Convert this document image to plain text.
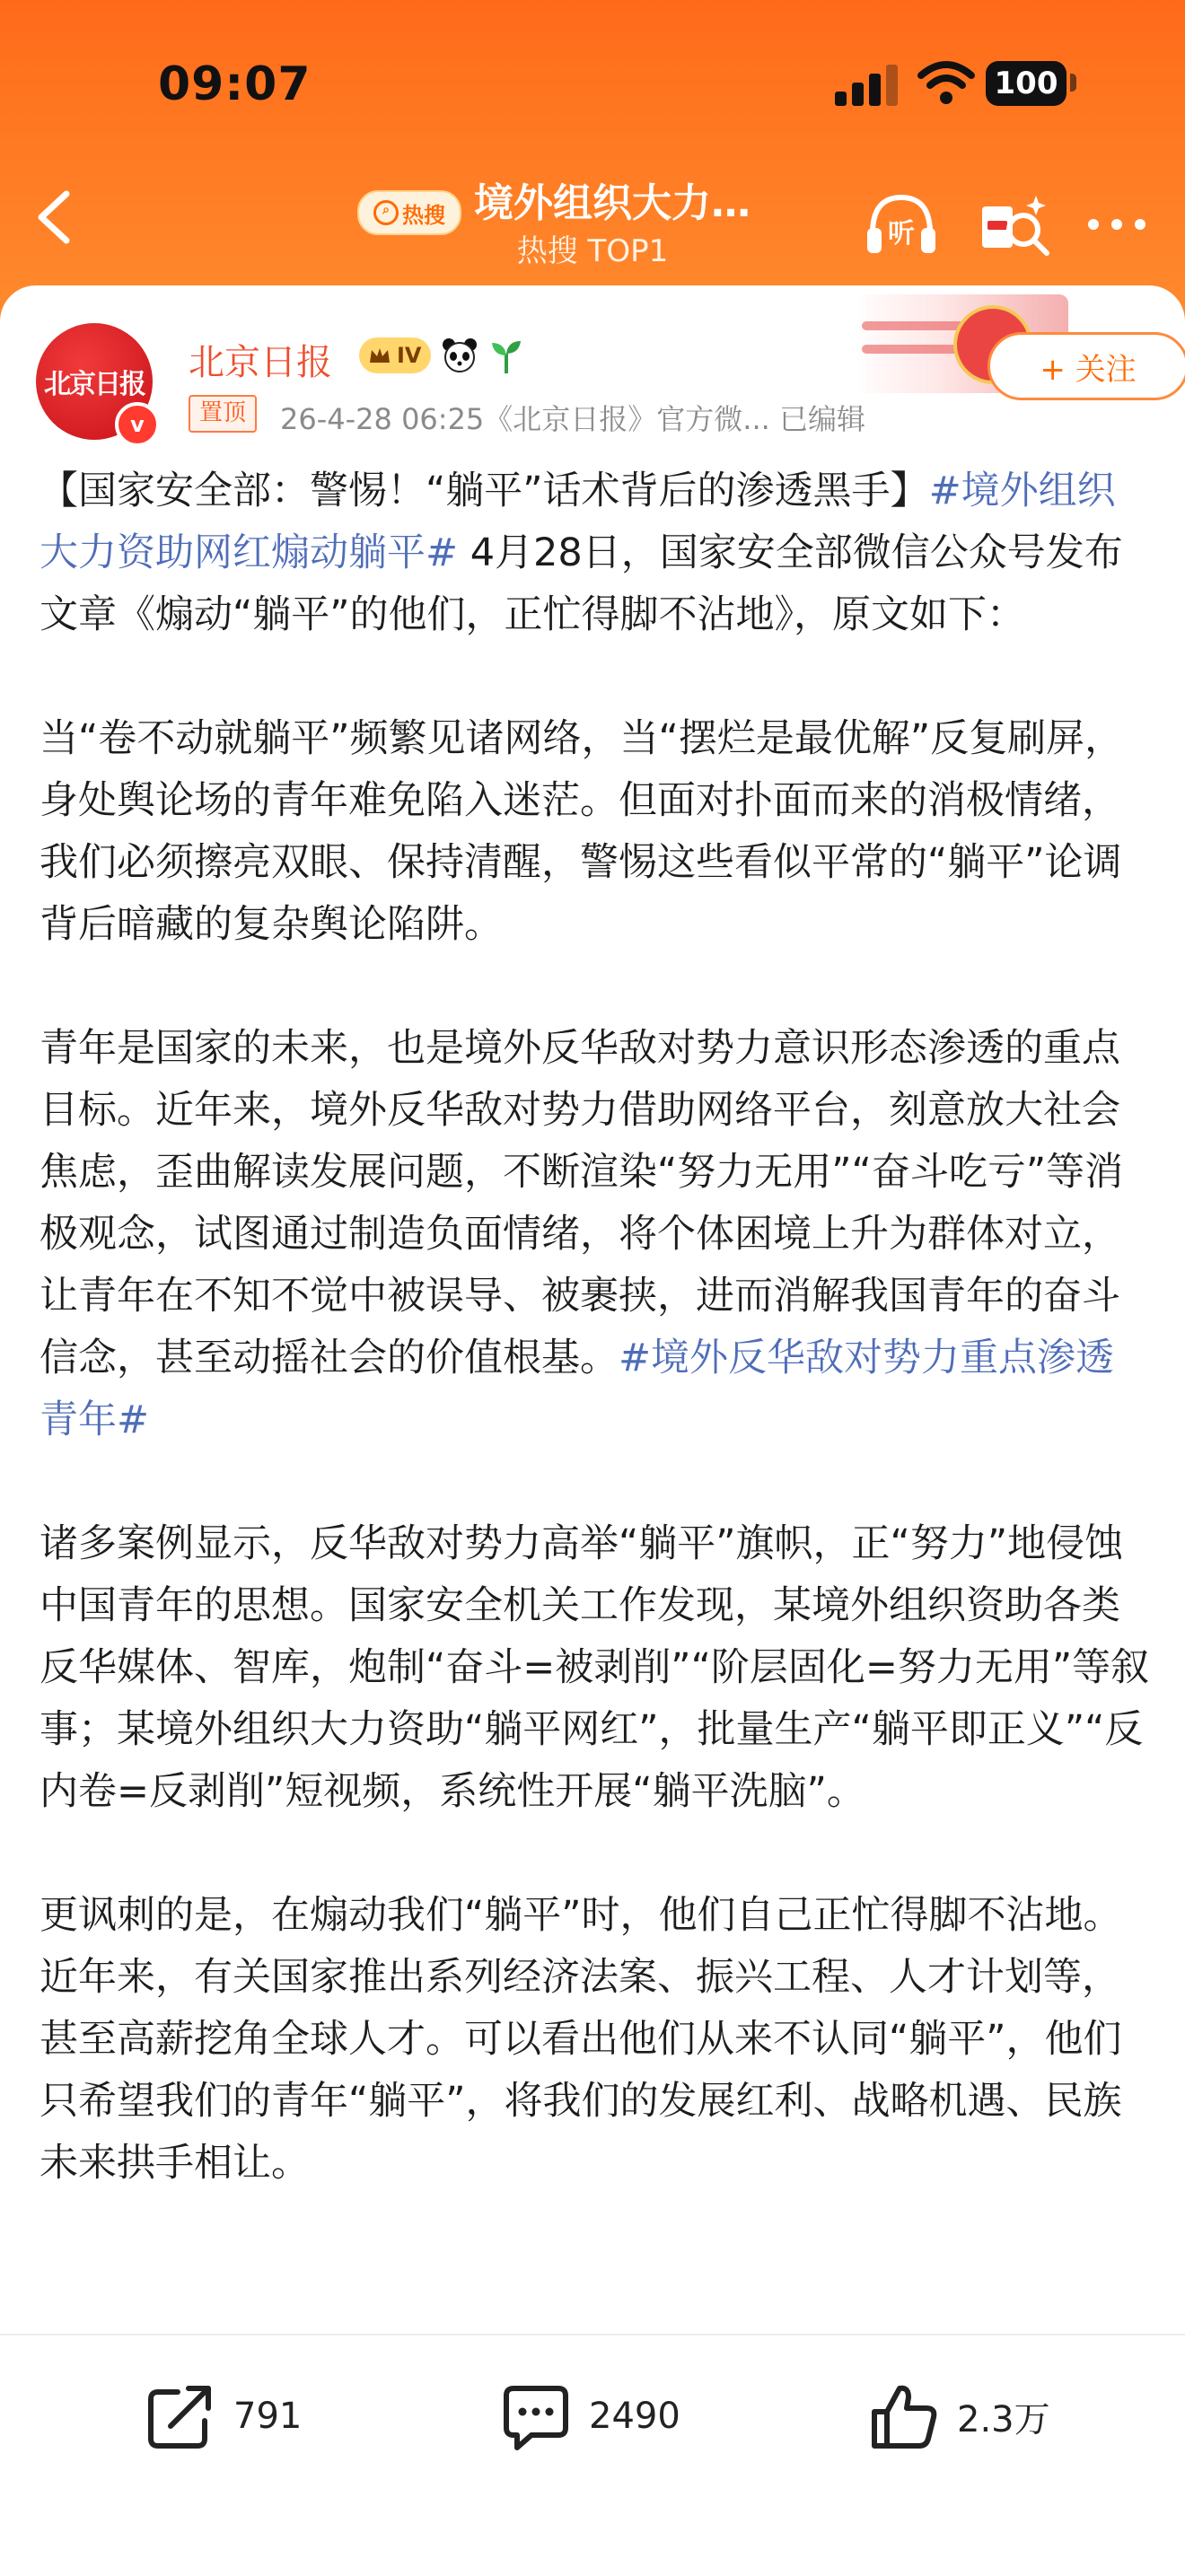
09:07	100
⌕ 热搜 境外组织大力…
热搜 TOP1	听
北京日报
v
北京日报	IV
置顶	26-4-28 06:25《北京日报》官方微... 已编辑
+ 关注

【国家安全部：警惕！“躺平”话术背后的渗透黑手】#境外组织大力资助网红煽动躺平# 4月28日，国家安全部微信公众号发布文章《煽动“躺平”的他们，正忙得脚不沾地》，原文如下：

当“卷不动就躺平”频繁见诸网络，当“摆烂是最优解”反复刷屏，身处舆论场的青年难免陷入迷茫。但面对扑面而来的消极情绪，我们必须擦亮双眼、保持清醒，警惕这些看似平常的“躺平”论调背后暗藏的复杂舆论陷阱。

青年是国家的未来，也是境外反华敌对势力意识形态渗透的重点目标。近年来，境外反华敌对势力借助网络平台，刻意放大社会焦虑，歪曲解读发展问题，不断渲染“努力无用”“奋斗吃亏”等消极观念，试图通过制造负面情绪，将个体困境上升为群体对立，让青年在不知不觉中被误导、被裹挟，进而消解我国青年的奋斗信念，甚至动摇社会的价值根基。#境外反华敌对势力重点渗透青年#

诸多案例显示，反华敌对势力高举“躺平”旗帜，正“努力”地侵蚀中国青年的思想。国家安全机关工作发现，某境外组织资助各类反华媒体、智库，炮制“奋斗=被剥削”“阶层固化=努力无用”等叙事；某境外组织大力资助“躺平网红”，批量生产“躺平即正义”“反内卷=反剥削”短视频，系统性开展“躺平洗脑”。

更讽刺的是，在煽动我们“躺平”时，他们自己正忙得脚不沾地。近年来，有关国家推出系列经济法案、振兴工程、人才计划等，甚至高薪挖角全球人才。可以看出他们从来不认同“躺平”，他们只希望我们的青年“躺平”，将我们的发展红利、战略机遇、民族未来拱手相让。

791	2490	2.3万
